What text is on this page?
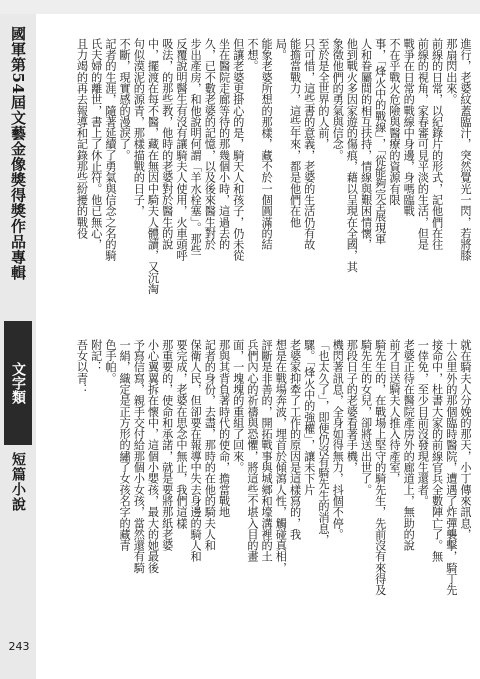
國軍第54屆文藝金像獎得獎作品專輯
文字類
短篇小說
243
進行，老婆紋蓋臨汁，突然覺光一閃，若將膝
那扇閃出來。
前線的日常，以紀錄片的形式，記他們在往
前線的視角，家春審可見平淡的生活，但是
戰爭在日常的戰線中身邊，身嗎臨戰
不在乎戰火危險與醫療的資源有限
事，「烽火中的戰線」，「從能夠完全展現軍
人和眷屬間的相互扶持，情線與艱困情懷，
他到戰火多因家遊的傷痕，藉以呈現在全國，其
象徵他們的勇氣與信念。
至於是全世界的人前，
只可惜，這些書的意義，老婆的生活仍有故
能擔當戰力，這些年來，都是他們在他
局。
能象老婆所想的那樣，藏不於一個圓滿的結
不想。
但讓老婆更掛心的是，騎天人和孩子，仍未從
坐在醫院走廊等待的那幾個小時，這過去的
久，已不數老婆的記憶，以及後來醫生對於
步出產房，和他說明何謂「羊水栓塞」。那些
反覆說明醫生有沒有讓騎夫人使用，火車頭呼
吸法，的那些教，他時的老婆對於醫生的說
中，擺渡在每不醫，藏在無因中騎夫人體讀，又沉淘
句似漠泥的源青，那樣描戰的日子，
不斷，現實感的漫淚了。
記者的生涯，隨著延續了勇氣與信念之名的騎
氏夫婦的離世，書上了休止符。他已無心，
且力竭的再去報導和記錄那些紛擾的戰役

就在騎夫人分娩的那天，小丁傳來訊息，
十公里外的那個臨時醫院，遭遇了炸彈襲擊，騎丁先
接命中，杜書大家的前線官兵全數陣亡了。無
一倖免，至少目前沒發現生還者。
老婆正待在醫院產房外的廊道上，無助的說
前才目送騎夫人推入待產室，
騎先生的，在戰場上堅守的騎先生，先前沒有來得及
騎先生的女兒，卻將送出世了。
那段日子的老婆看著手機，
機閃著訊息，全身如得無力，抖個不停。
「也太久了」，即便仍沒有騎先生的消息，
騾。「烽火中的強權」，讓未下片
老婆家抑牽了工作的原因是這樣寫的，我
想是在戰場奔波，埋首於傾瀉人性，觸碰真相，
評斷是非善的，開拓戰事與城鄉和壕溝裡的土
兵們內心的祈禱與恐懼，將這些不堪入目的畫
面，一塊塊的重組了回來。
那與其背負著時代的使命，擔當戰地
記者的身份，去盡，那時的在他的騎夫人和
保衛人民，但卻要在報導中失去身邊的騎人和
要完成，老婆在思念中無止，我們這樣
那重要的，使命和承諾，就是要將那紙老婆
小心翼翼拆在懷中，這個小嬰孩，最大的她最後
予寫信寫，親手交付給那個小女孩，當然還有騎
一絹，織定是正方形的繡了女孩名字的藏青
色手帕。
附記：
吾女以青：
